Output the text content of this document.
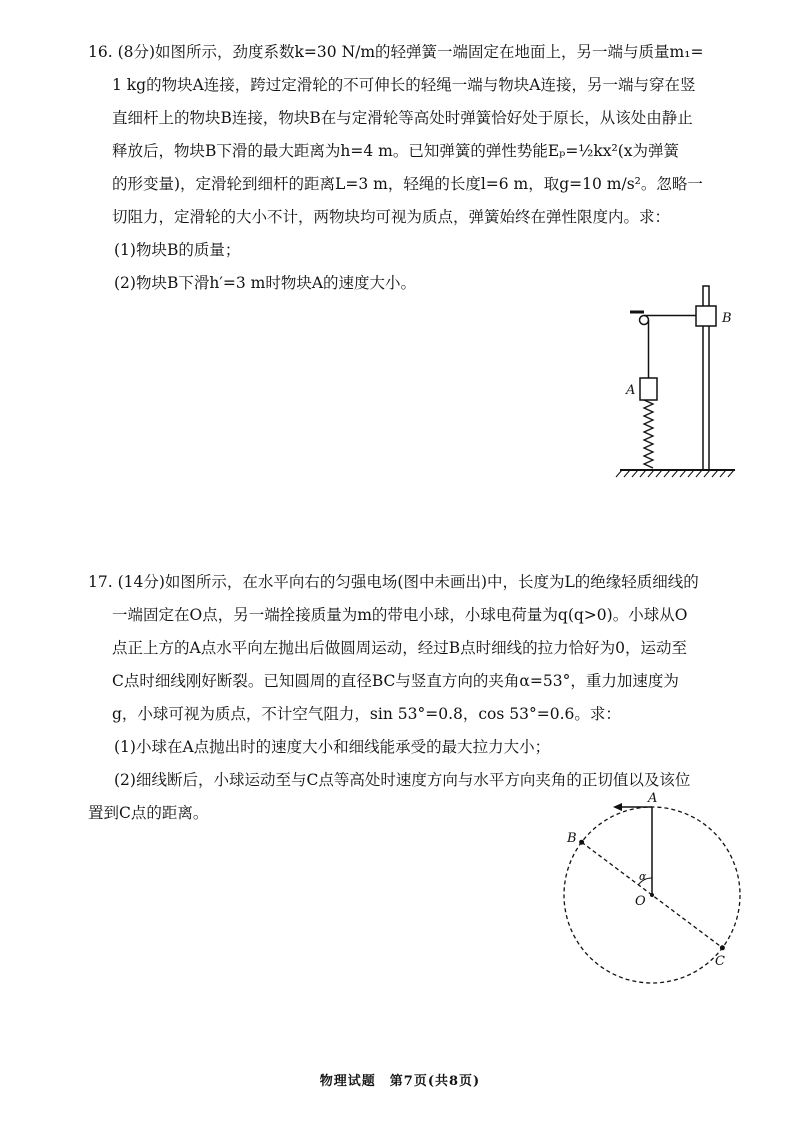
16. (8分)如图所示，劲度系数k=30 N/m的轻弹簧一端固定在地面上，另一端与质量m₁=
1 kg的物块A连接，跨过定滑轮的不可伸长的轻绳一端与物块A连接，另一端与穿在竖
直细杆上的物块B连接，物块B在与定滑轮等高处时弹簧恰好处于原长，从该处由静止
释放后，物块B下滑的最大距离为h=4 m。已知弹簧的弹性势能Eₚ=½kx²(x为弹簧
的形变量)，定滑轮到细杆的距离L=3 m，轻绳的长度l=6 m，取g=10 m/s²。忽略一
切阻力，定滑轮的大小不计，两物块均可视为质点，弹簧始终在弹性限度内。求：
(1)物块B的质量；
(2)物块B下滑h′=3 m时物块A的速度大小。
B
A
17. (14分)如图所示，在水平向右的匀强电场(图中未画出)中，长度为L的绝缘轻质细线的
一端固定在O点，另一端拴接质量为m的带电小球，小球电荷量为q(q>0)。小球从O
点正上方的A点水平向左抛出后做圆周运动，经过B点时细线的拉力恰好为0，运动至
C点时细线刚好断裂。已知圆周的直径BC与竖直方向的夹角α=53°，重力加速度为
g，小球可视为质点，不计空气阻力，sin 53°=0.8，cos 53°=0.6。求：
(1)小球在A点抛出时的速度大小和细线能承受的最大拉力大小；
(2)细线断后，小球运动至与C点等高处时速度方向与水平方向夹角的正切值以及该位
置到C点的距离。
A
B
C
O
α
物理试题　第7页(共8页)
